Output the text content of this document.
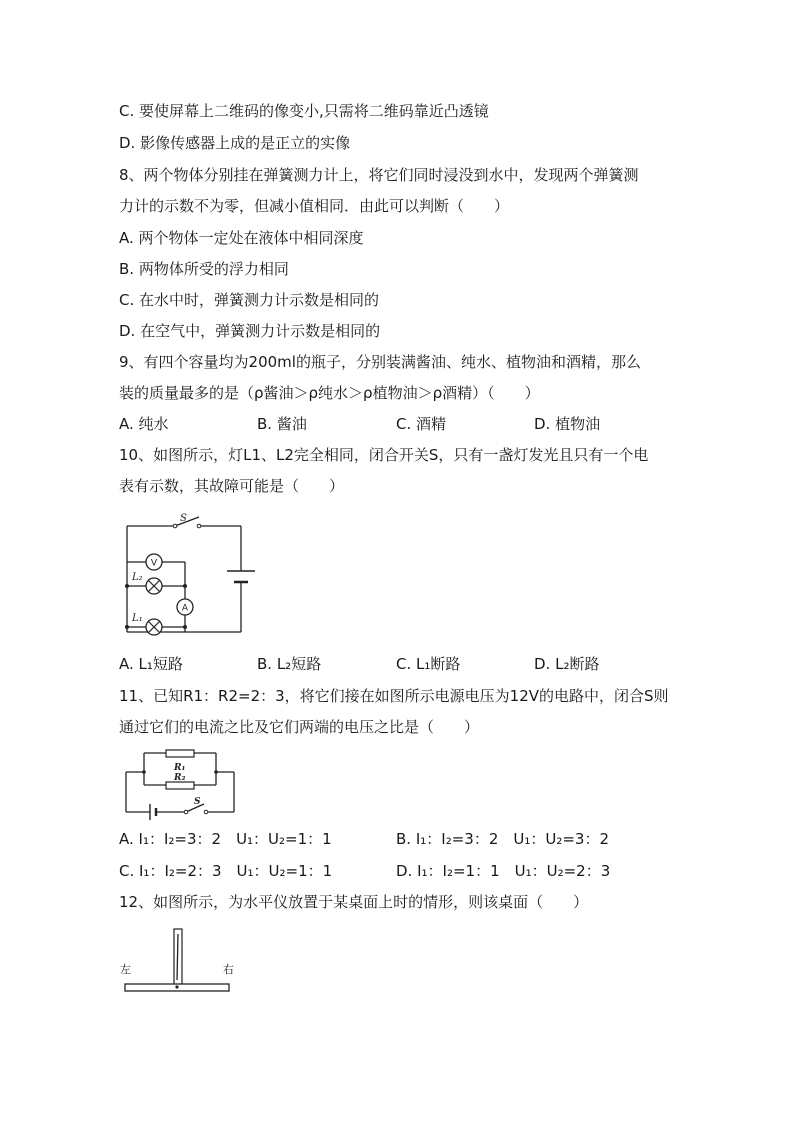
C. 要使屏幕上二维码的像变小,只需将二维码靠近凸透镜
D. 影像传感器上成的是正立的实像
8、两个物体分别挂在弹簧测力计上，将它们同时浸没到水中，发现两个弹簧测
力计的示数不为零，但减小值相同．由此可以判断（　　）
A. 两个物体一定处在液体中相同深度
B. 两物体所受的浮力相同
C. 在水中时，弹簧测力计示数是相同的
D. 在空气中，弹簧测力计示数是相同的
9、有四个容量均为200ml的瓶子，分别装满酱油、纯水、植物油和酒精，那么
装的质量最多的是（ρ酱油＞ρ纯水＞ρ植物油＞ρ酒精）（　　）
A. 纯水	B. 酱油	C. 酒精	D. 植物油
10、如图所示，灯L1、L2完全相同，闭合开关S，只有一盏灯发光且只有一个电
表有示数，其故障可能是（　　）
S
V
A
L₂
L₁
A. L₁短路	B. L₂短路	C. L₁断路	D. L₂断路
11、已知R1：R2=2：3，将它们接在如图所示电源电压为12V的电路中，闭合S则
通过它们的电流之比及它们两端的电压之比是（　　）
R₁
R₂
S
A. I₁：I₂=3：2　U₁：U₂=1：1	B. I₁：I₂=3：2　U₁：U₂=3：2
C. I₁：I₂=2：3　U₁：U₂=1：1	D. I₁：I₂=1：1　U₁：U₂=2：3
12、如图所示，为水平仪放置于某桌面上时的情形，则该桌面（　　）
左	右
